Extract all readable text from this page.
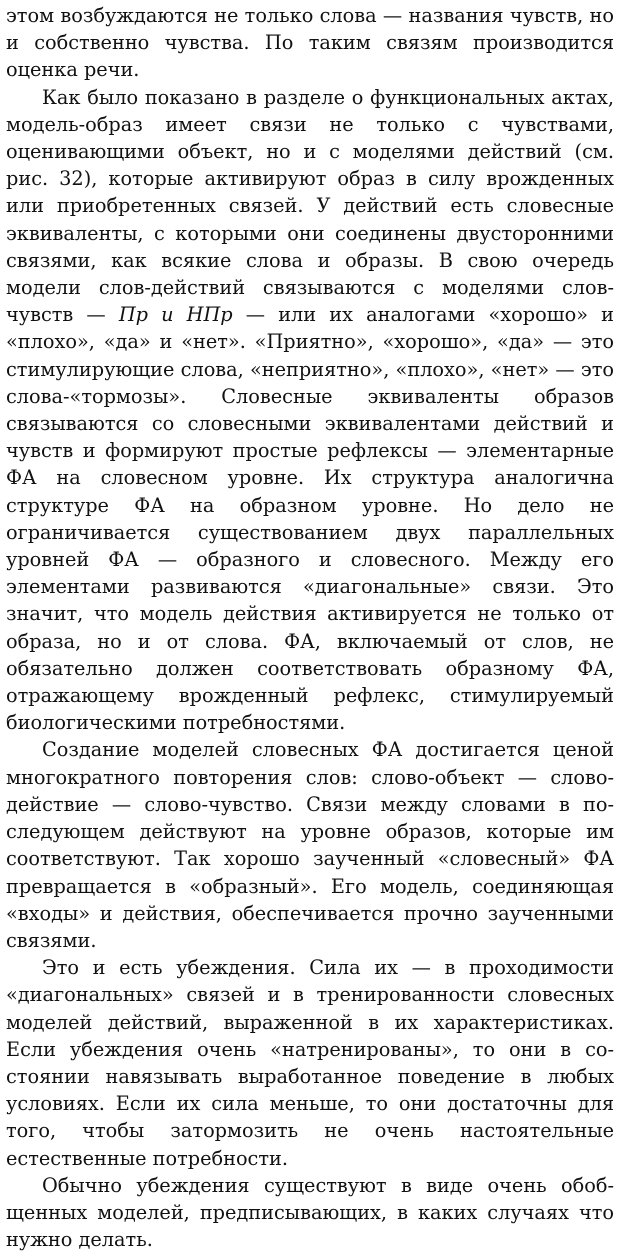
этом возбуждаются не только слова — названия чувств, но и собственно чувства. По таким связям производится оценка речи.

Как было показано в разделе о функциональных актах, модель-образ имеет связи не только с чувствами, оценивающими объект, но и с моделями действий (см. рис. 32), которые активируют образ в силу врожденных или приобретенных связей. У действий есть словесные эквиваленты, с которыми они соединены двусторонними связями, как всякие слова и образы. В свою очередь модели слов-действий связываются с моделями слов-чувств — Пр и НПр — или их аналогами «хорошо» и «плохо», «да» и «нет». «Приятно», «хорошо», «да» — это стимулирующие слова, «неприятно», «плохо», «нет» — это слова-«тормозы». Словесные эквиваленты образов связываются со словесными эквивалентами действий и чувств и формируют простые рефлексы — элементарные ФА на словесном уровне. Их структура аналогична структуре ФА на образном уровне. Но дело не ограничивается существованием двух параллельных уровней ФА — образного и словесного. Между его элементами развиваются «диагональные» связи. Это значит, что модель действия активируется не только от образа, но и от слова. ФА, включаемый от слов, не обязательно должен соответствовать образному ФА, отражающему врожденный рефлекс, стимулируемый биологическими потребностями.

Создание моделей словесных ФА достигается ценой многократного повторения слов: слово-объект — словодействие — слово-чувство. Связи между словами в последующем действуют на уровне образов, которые им соответствуют. Так хорошо заученный «словесный» ФА превращается в «образный». Его модель, соединяющая «входы» и действия, обеспечивается прочно заученными связями.

Это и есть убеждения. Сила их — в проходимости «диагональных» связей и в тренированности словесных моделей действий, выраженной в их характеристиках. Если убеждения очень «натренированы», то они в состоянии навязывать выработанное поведение в любых условиях. Если их сила меньше, то они достаточны для того, чтобы затормозить не очень настоятельные естественные потребности.

Обычно убеждения существуют в виде очень обобщенных моделей, предписывающих, в каких случаях что нужно делать.
